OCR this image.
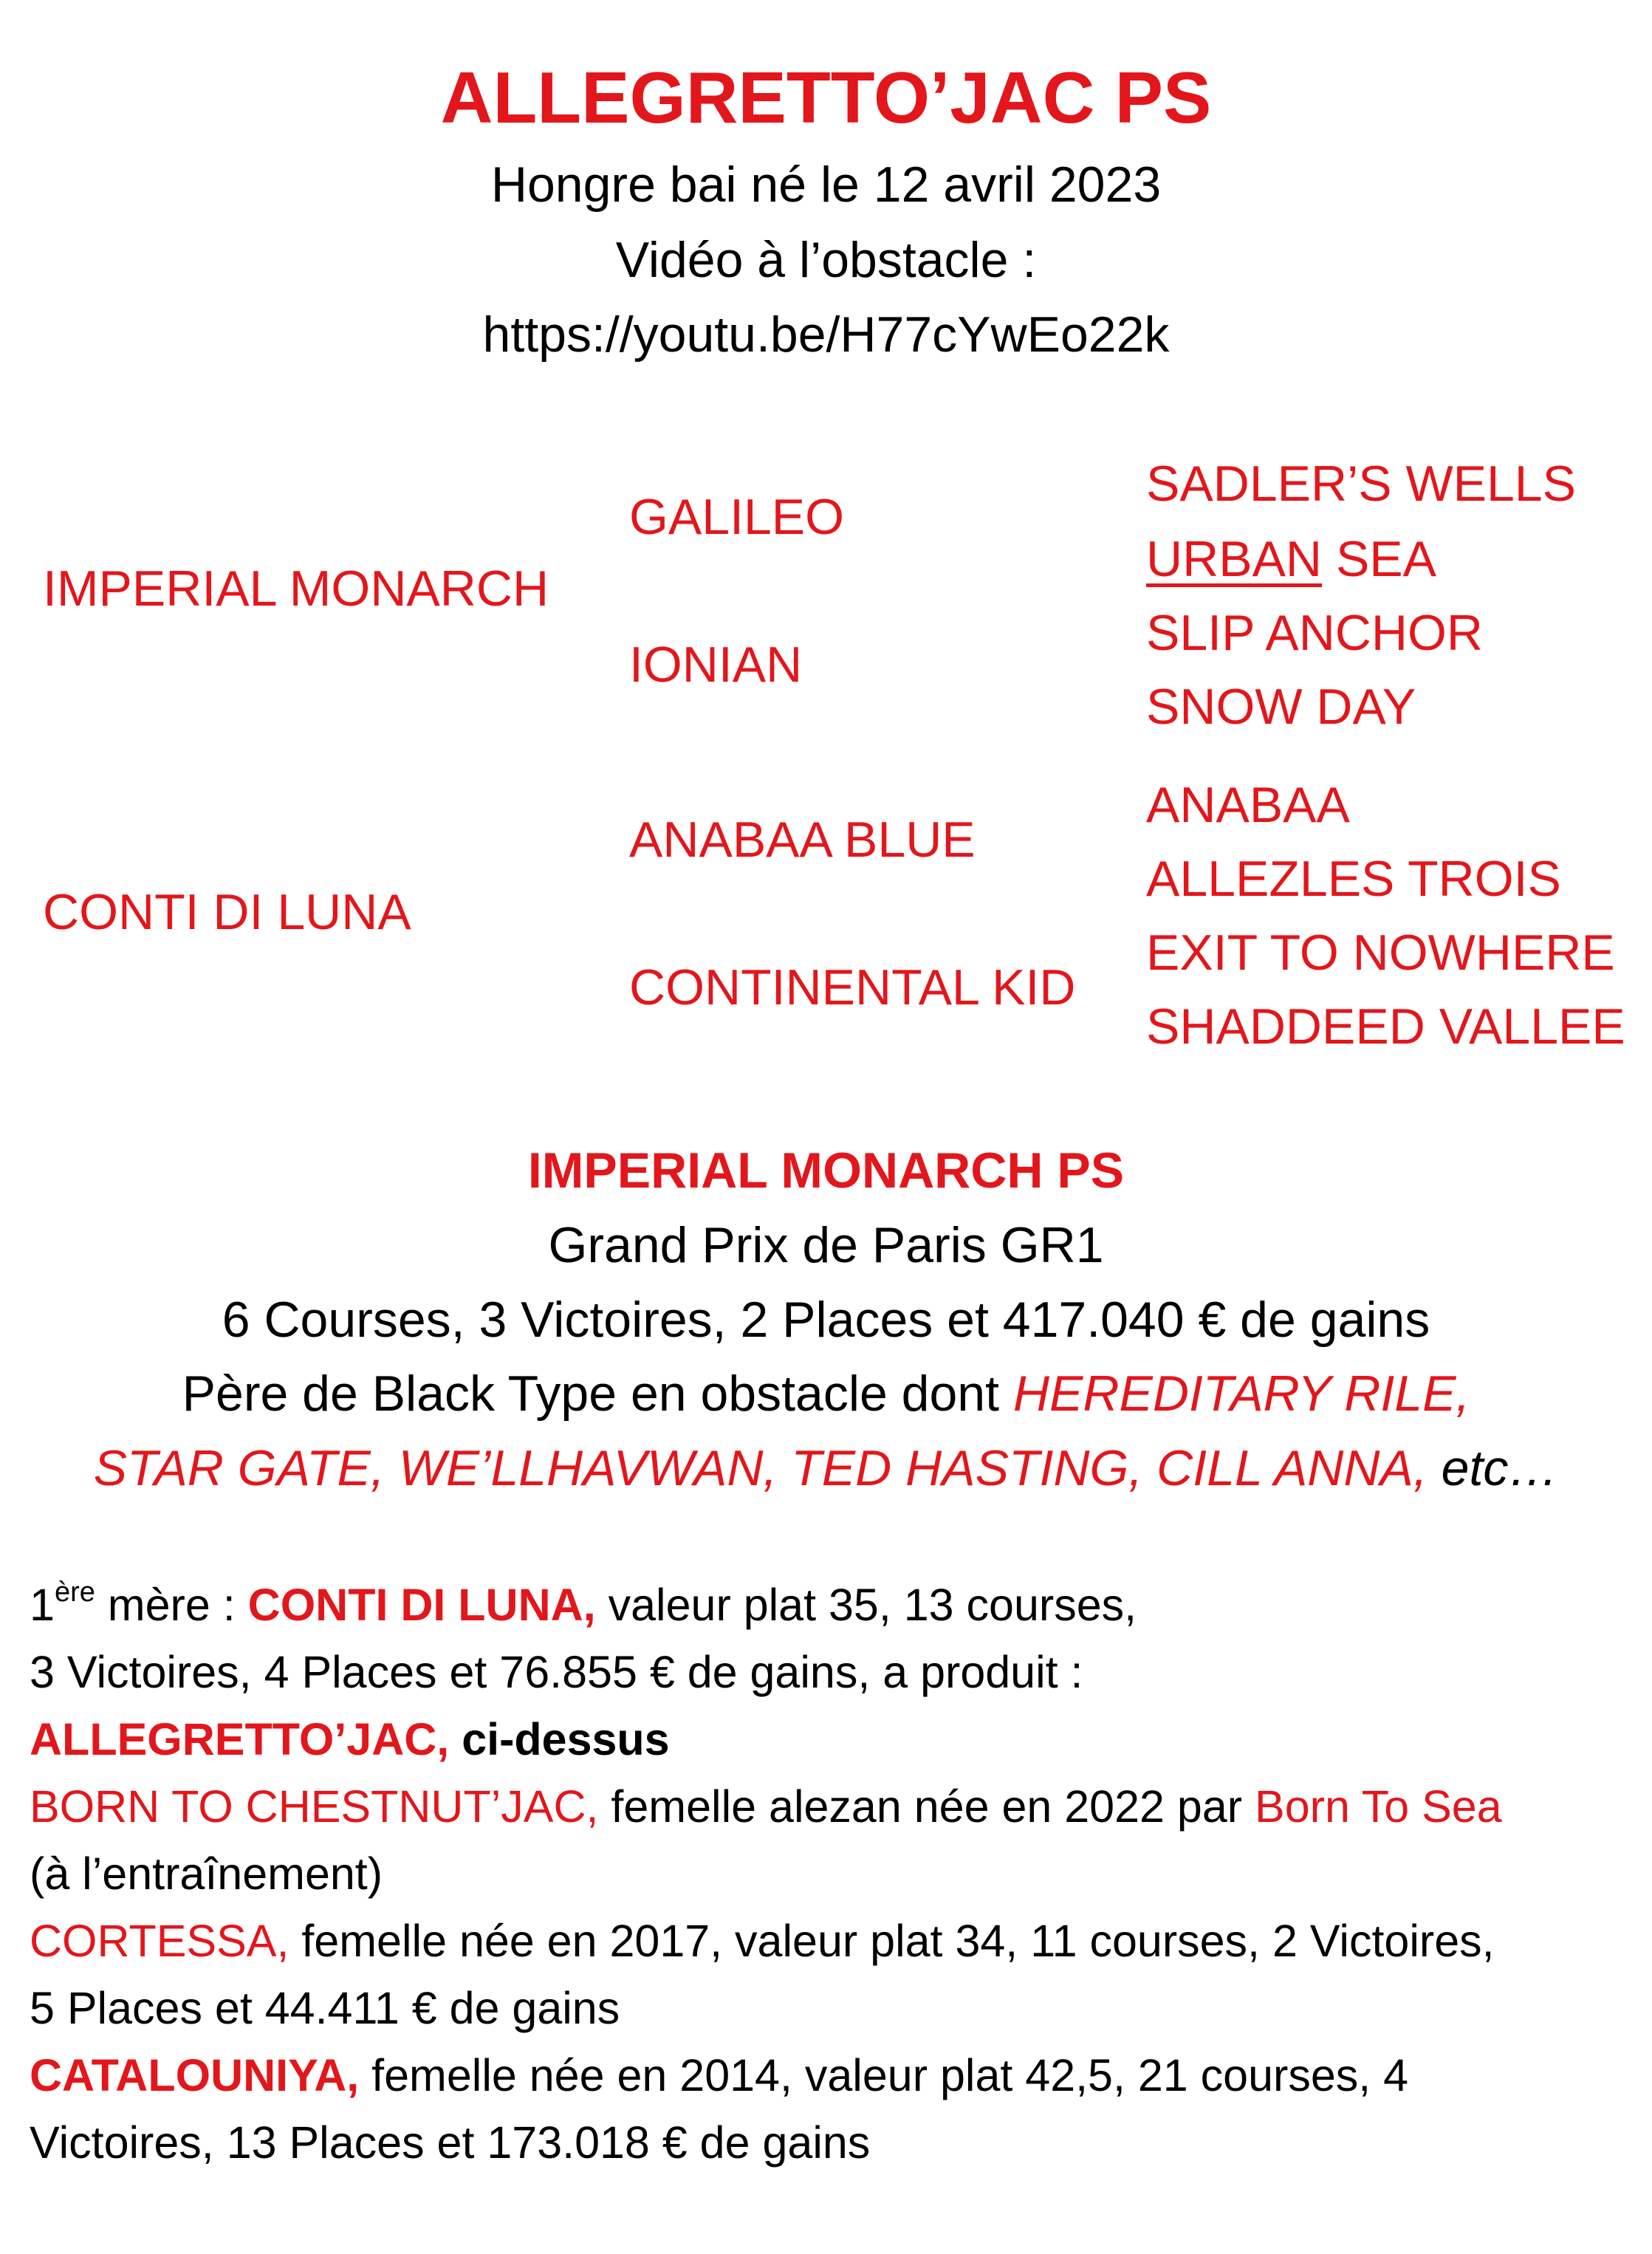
ALLEGRETTO’JAC PS
Hongre bai né le 12 avril 2023
Vidéo à l’obstacle :
https://youtu.be/H77cYwEo22k
IMPERIAL MONARCH
CONTI DI LUNA
GALILEO
IONIAN
ANABAA BLUE
CONTINENTAL KID
SADLER’S WELLS
URBAN SEA
SLIP ANCHOR
SNOW DAY
ANABAA
ALLEZLES TROIS
EXIT TO NOWHERE
SHADDEED VALLEE
IMPERIAL MONARCH PS
Grand Prix de Paris GR1
6 Courses, 3 Victoires, 2 Places et 417.040 € de gains
Père de Black Type en obstacle dont HEREDITARY RILE,
STAR GATE, WE’LLHAVWAN, TED HASTING, CILL ANNA, etc…

1ère mère : CONTI DI LUNA, valeur plat 35, 13 courses,

3 Victoires, 4 Places et 76.855 € de gains, a produit :

ALLEGRETTO’JAC, ci-dessus

BORN TO CHESTNUT’JAC, femelle alezan née en 2022 par Born To Sea

(à l’entraînement)

CORTESSA, femelle née en 2017, valeur plat 34, 11 courses, 2 Victoires,

5 Places et 44.411 € de gains

CATALOUNIYA, femelle née en 2014, valeur plat 42,5, 21 courses, 4

Victoires, 13 Places et 173.018 € de gains
